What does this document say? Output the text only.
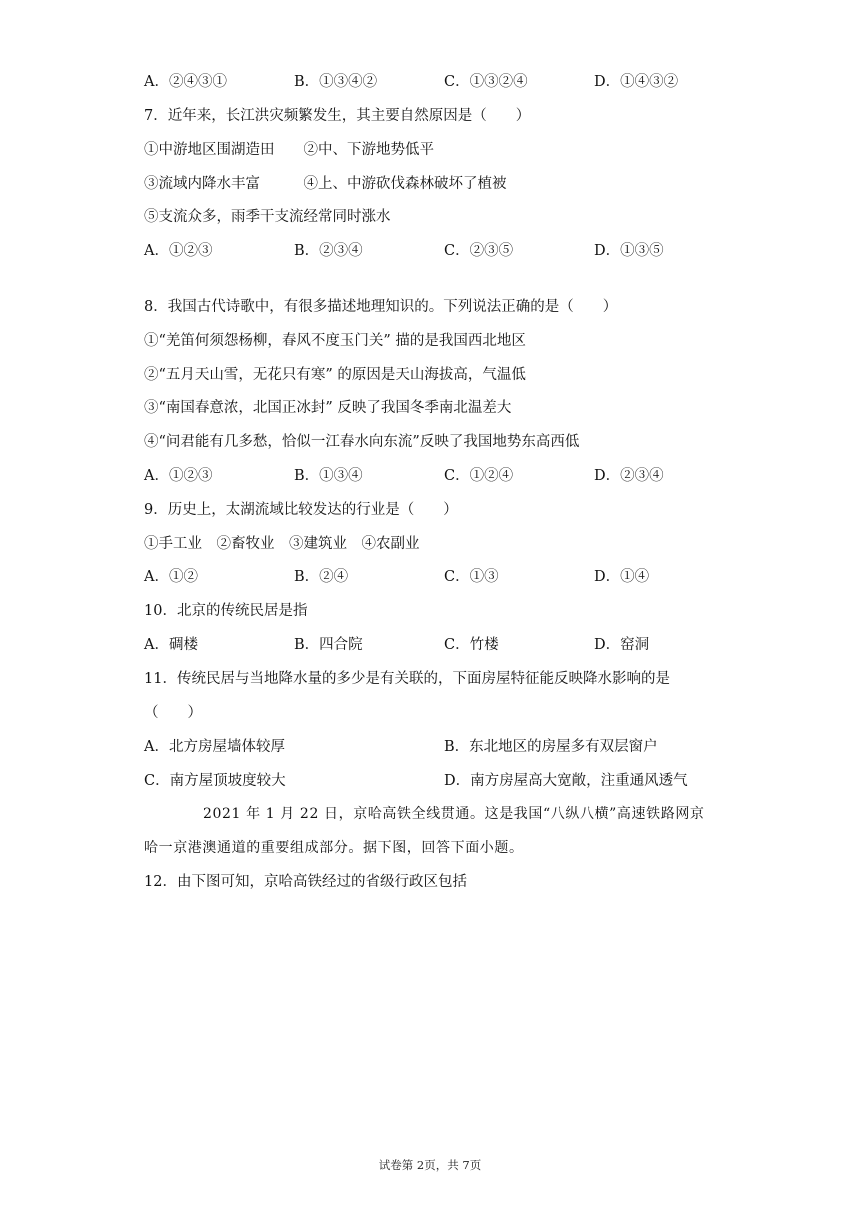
A．②④③①	B．①③④②	C．①③②④	D．①④③②
7．近年来，长江洪灾频繁发生，其主要自然原因是（　　）
①中游地区围湖造田　　②中、下游地势低平
③流域内降水丰富　　　④上、中游砍伐森林破坏了植被
⑤支流众多，雨季干支流经常同时涨水
A．①②③	B．②③④	C．②③⑤	D．①③⑤
8．我国古代诗歌中，有很多描述地理知识的。下列说法正确的是（　　）
①“羌笛何须怨杨柳，春风不度玉门关” 描的是我国西北地区
②“五月天山雪，无花只有寒” 的原因是天山海拔高，气温低
③“南国春意浓，北国正冰封” 反映了我国冬季南北温差大
④“问君能有几多愁，恰似一江春水向东流”反映了我国地势东高西低
A．①②③	B．①③④	C．①②④	D．②③④
9．历史上，太湖流域比较发达的行业是（　　）
①手工业　②畜牧业　③建筑业　④农副业
A．①②	B．②④	C．①③	D．①④
10．北京的传统民居是指
A．碉楼	B．四合院	C．竹楼	D．窑洞
11．传统民居与当地降水量的多少是有关联的，下面房屋特征能反映降水影响的是
（　　）
A．北方房屋墙体较厚	B．东北地区的房屋多有双层窗户
C．南方屋顶坡度较大	D．南方房屋高大宽敞，注重通风透气
2021 年 1 月 22 日，京哈高铁全线贯通。这是我国“八纵八横”高速铁路网京
哈一京港澳通道的重要组成部分。据下图，回答下面小题。
12．由下图可知，京哈高铁经过的省级行政区包括
试卷第 2页，共 7页
